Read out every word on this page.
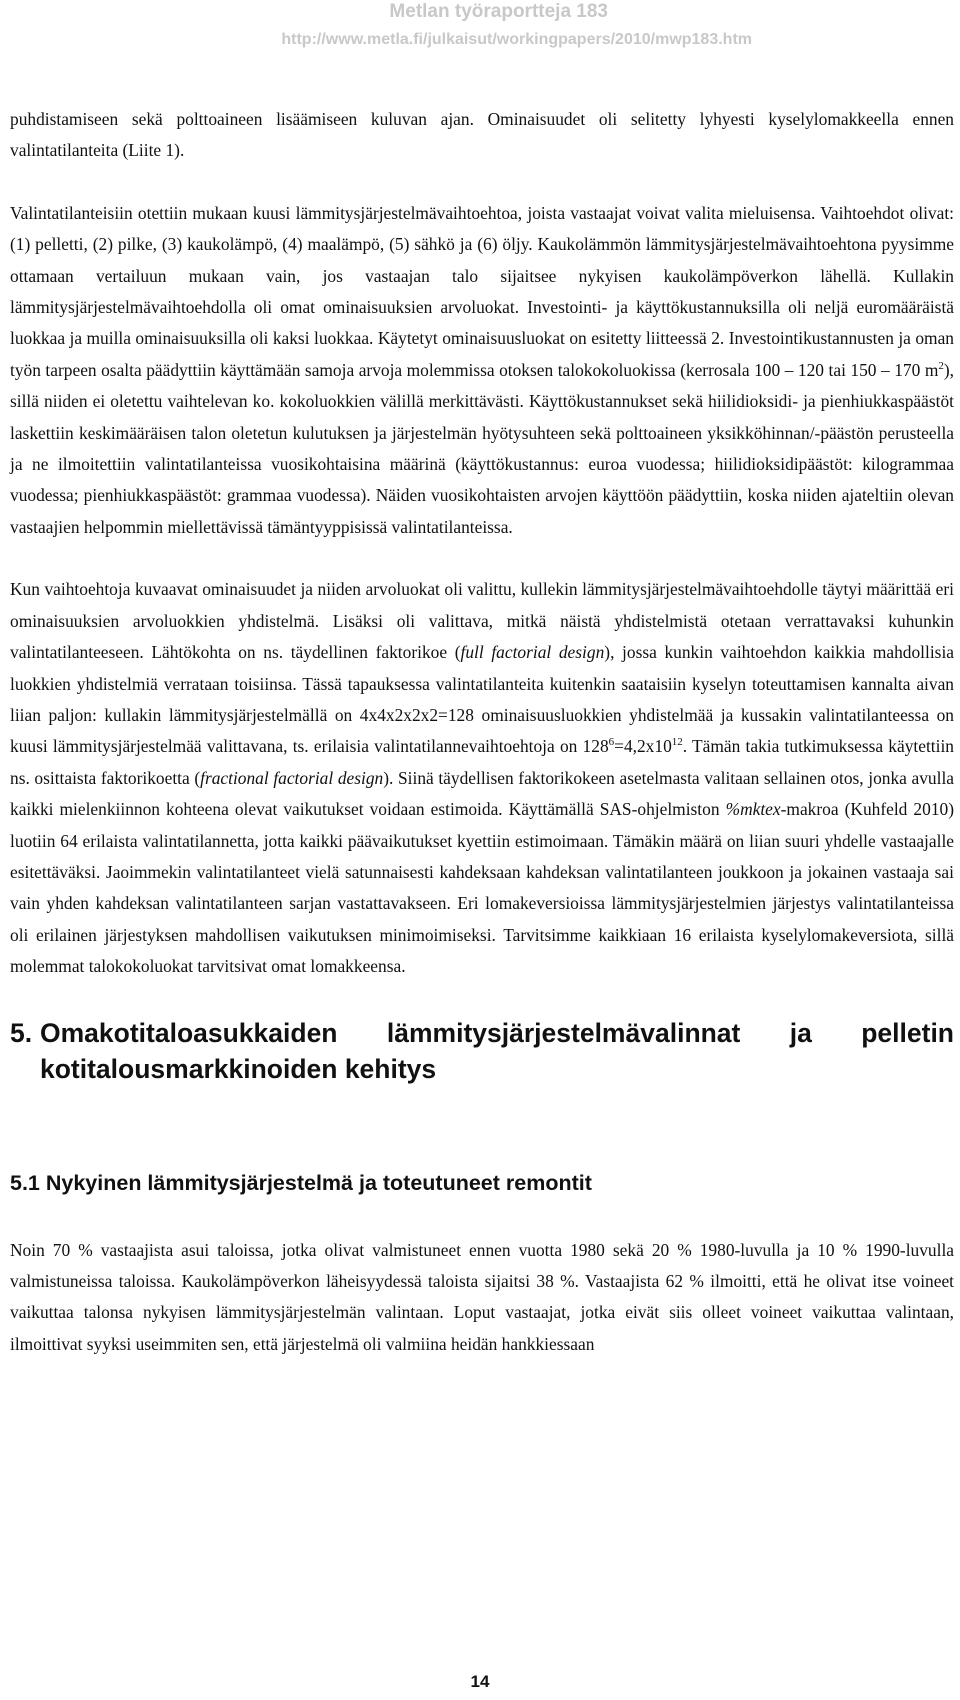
Metlan työraportteja 183
http://www.metla.fi/julkaisut/workingpapers/2010/mwp183.htm

puhdistamiseen sekä polttoaineen lisäämiseen kuluvan ajan. Ominaisuudet oli selitetty lyhyesti kyselylomakkeella ennen valintatilanteita (Liite 1).

Valintatilanteisiin otettiin mukaan kuusi lämmitysjärjestelmävaihtoehtoa, joista vastaajat voivat valita mieluisensa. Vaihtoehdot olivat: (1) pelletti, (2) pilke, (3) kaukolämpö, (4) maalämpö, (5) sähkö ja (6) öljy. Kaukolämmön lämmitysjärjestelmävaihtoehtona pyysimme ottamaan vertailuun mukaan vain, jos vastaajan talo sijaitsee nykyisen kaukolämpöverkon lähellä. Kullakin lämmitysjärjestelmävaihtoehdolla oli omat ominaisuuksien arvoluokat. Investointi- ja käyttökustannuksilla oli neljä euromääräistä luokkaa ja muilla ominaisuuksilla oli kaksi luokkaa. Käytetyt ominaisuusluokat on esitetty liitteessä 2. Investointikustannusten ja oman työn tarpeen osalta päädyttiin käyttämään samoja arvoja molemmissa otoksen talokokoluokissa (kerrosala 100 – 120 tai 150 – 170 $m^2$), sillä niiden ei oletettu vaihtelevan ko. kokoluokkien välillä merkittävästi. Käyttökustannukset sekä hiilidioksidi- ja pienhiukkaspäästöt laskettiin keskimääräisen talon oletetun kulutuksen ja järjestelmän hyötysuhteen sekä polttoaineen yksikköhinnan/-päästön perusteella ja ne ilmoitettiin valintatilanteissa vuosikohtaisina määrinä (käyttökustannus: euroa vuodessa; hiilidioksidipäästöt: kilogrammaa vuodessa; pienhiukkaspäästöt: grammaa vuodessa). Näiden vuosikohtaisten arvojen käyttöön päädyttiin, koska niiden ajateltiin olevan vastaajien helpommin miellettävissä tämäntyyppisissä valintatilanteissa.

Kun vaihtoehtoja kuvaavat ominaisuudet ja niiden arvoluokat oli valittu, kullekin lämmitysjärjestelmävaihtoehdolle täytyi määrittää eri ominaisuuksien arvoluokkien yhdistelmä. Lisäksi oli valittava, mitkä näistä yhdistelmistä otetaan verrattavaksi kuhunkin valintatilanteeseen. Lähtökohta on ns. täydellinen faktorikoe (full factorial design), jossa kunkin vaihtoehdon kaikkia mahdollisia luokkien yhdistelmiä verrataan toisiinsa. Tässä tapauksessa valintatilanteita kuitenkin saataisiin kyselyn toteuttamisen kannalta aivan liian paljon: kullakin lämmitysjärjestelmällä on 4x4x2x2x2=128 ominaisuusluokkien yhdistelmää ja kussakin valintatilanteessa on kuusi lämmitysjärjestelmää valittavana, ts. erilaisia valintatilannevaihtoehtoja on $128^6=4,2x10^{12}$. Tämän takia tutkimuksessa käytettiin ns. osittaista faktorikoetta (fractional factorial design). Siinä täydellisen faktorikokeen asetelmasta valitaan sellainen otos, jonka avulla kaikki mielenkiinnon kohteena olevat vaikutukset voidaan estimoida. Käyttämällä SAS-ohjelmiston %mktex-makroa (Kuhfeld 2010) luotiin 64 erilaista valintatilannetta, jotta kaikki päävaikutukset kyettiin estimoimaan. Tämäkin määrä on liian suuri yhdelle vastaajalle esitettäväksi. Jaoimmekin valintatilanteet vielä satunnaisesti kahdeksaan kahdeksan valintatilanteen joukkoon ja jokainen vastaaja sai vain yhden kahdeksan valintatilanteen sarjan vastattavakseen. Eri lomakeversioissa lämmitysjärjestelmien järjestys valintatilanteissa oli erilainen järjestyksen mahdollisen vaikutuksen minimoimiseksi. Tarvitsimme kaikkiaan 16 erilaista kyselylomakeversiota, sillä molemmat talokokoluokat tarvitsivat omat lomakkeensa.

5. Omakotitaloasukkaiden lämmitysjärjestelmävalinnat ja pelletin kotitalousmarkkinoiden kehitys
5.1 Nykyinen lämmitysjärjestelmä ja toteutuneet remontit

Noin 70 % vastaajista asui taloissa, jotka olivat valmistuneet ennen vuotta 1980 sekä 20 % 1980-luvulla ja 10 % 1990-luvulla valmistuneissa taloissa. Kaukolämpöverkon läheisyydessä taloista sijaitsi 38 %. Vastaajista 62 % ilmoitti, että he olivat itse voineet vaikuttaa talonsa nykyisen lämmitysjärjestelmän valintaan. Loput vastaajat, jotka eivät siis olleet voineet vaikuttaa valintaan, ilmoittivat syyksi useimmiten sen, että järjestelmä oli valmiina heidän hankkiessaan

14
